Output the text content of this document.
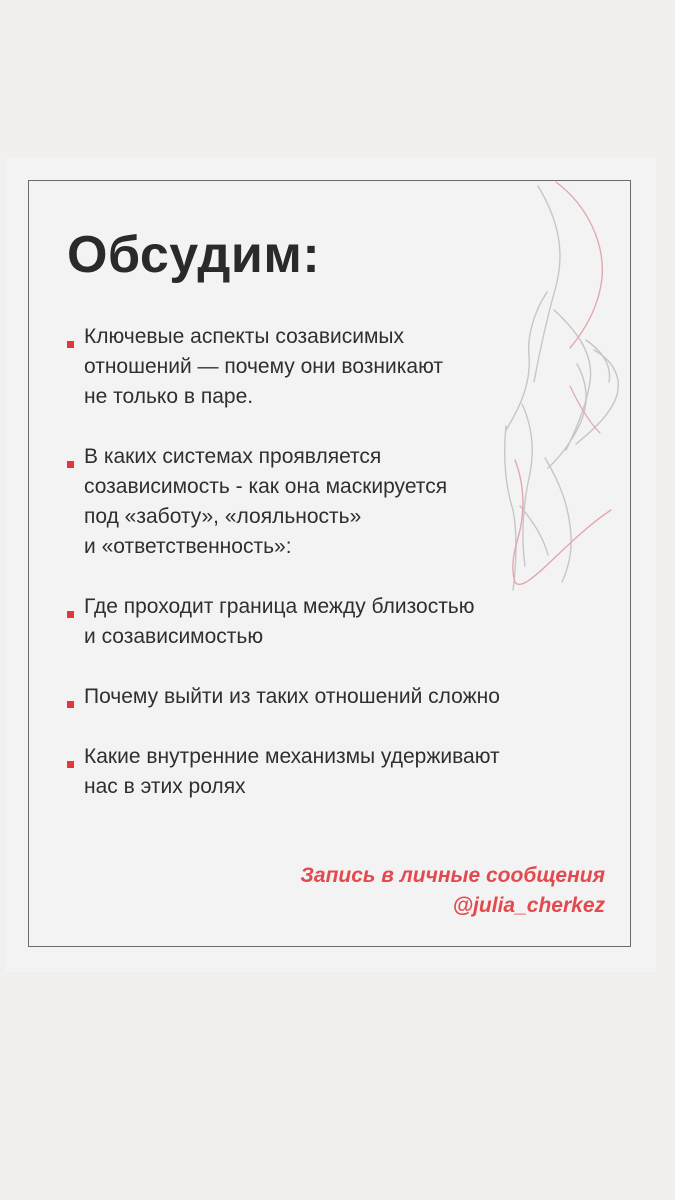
Обсудим:
Ключевые аспекты созависимых
отношений — почему они возникают
не только в паре.
В каких системах проявляется
созависимость - как она маскируется
под «заботу», «лояльность»
и «ответственность»:
Где проходит граница между близостью
и созависимостью
Почему выйти из таких отношений сложно
Какие внутренние механизмы удерживают
нас в этих ролях
Запись в личные сообщения
@julia_cherkez
